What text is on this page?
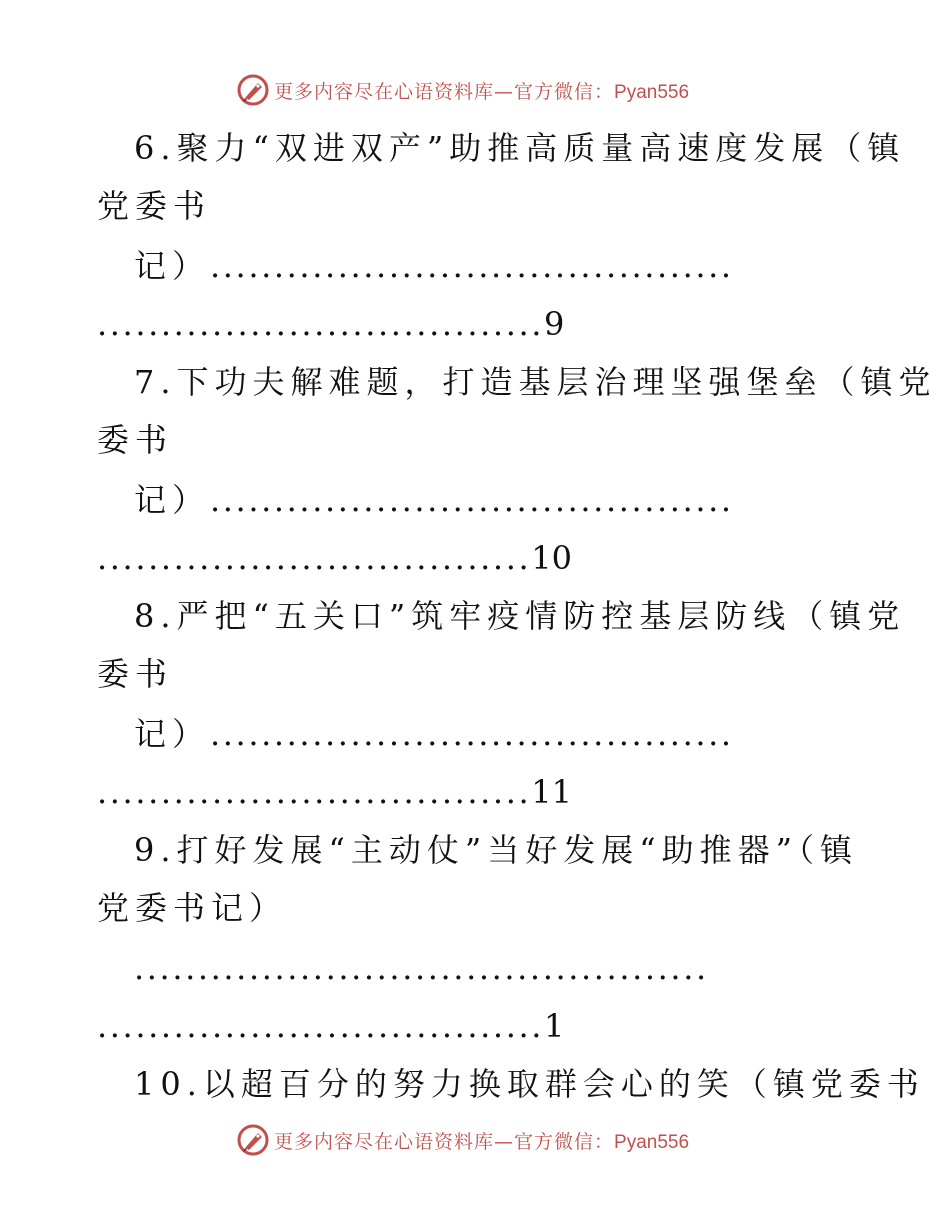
更多内容尽在心语资料库—官方微信：Pyan556
6.聚力“双进双产”助推高质量高速度发展（镇
党委书
记）.........................................
...................................9
7.下功夫解难题，打造基层治理坚强堡垒（镇党
委书
记）.........................................
..................................10
8.严把“五关口”筑牢疫情防控基层防线（镇党
委书
记）.........................................
..................................11
9.打好发展“主动仗”当好发展“助推器”（镇
党委书记）
.............................................
...................................1
10.以超百分的努力换取群会心的笑（镇党委书
更多内容尽在心语资料库—官方微信：Pyan556
